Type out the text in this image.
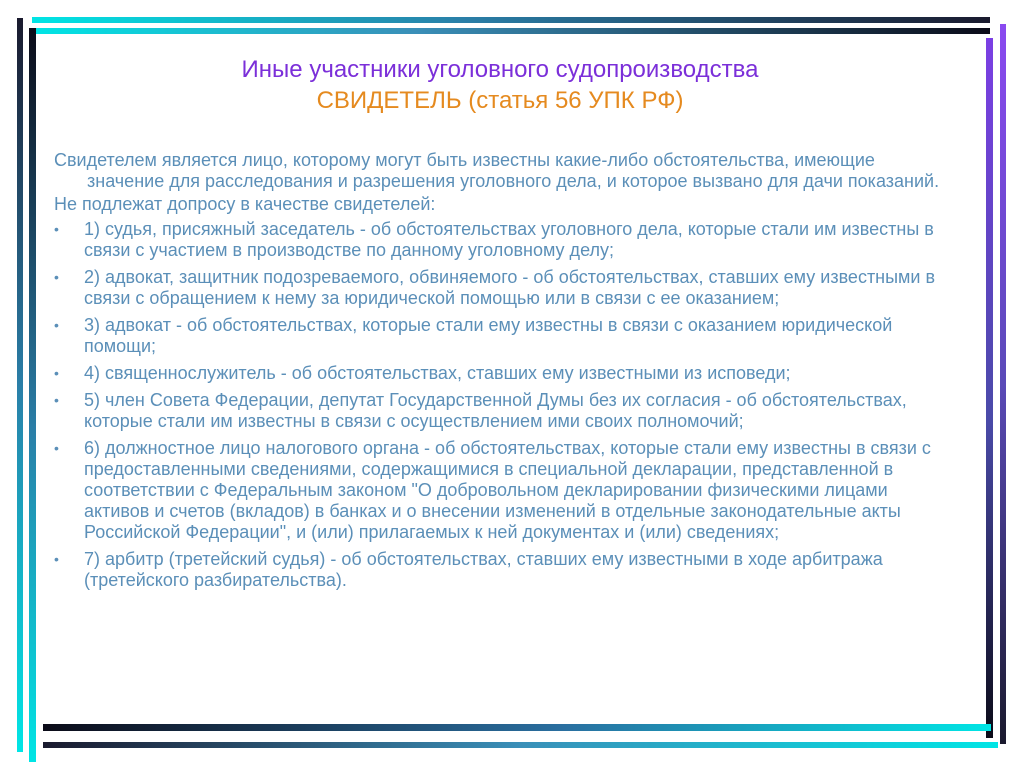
Иные участники уголовного судопроизводства
СВИДЕТЕЛЬ (статья 56 УПК РФ)

Свидетелем является лицо, которому могут быть известны какие-либо обстоятельства, имеющие значение для расследования и разрешения уголовного дела, и которое вызвано для дачи показаний.

Не подлежат допросу в качестве свидетелей:

• 1) судья, присяжный заседатель - об обстоятельствах уголовного дела, которые стали им известны в связи с участием в производстве по данному уголовному делу;
• 2) адвокат, защитник подозреваемого, обвиняемого - об обстоятельствах, ставших ему известными в связи с обращением к нему за юридической помощью или в связи с ее оказанием;
• 3) адвокат - об обстоятельствах, которые стали ему известны в связи с оказанием юридической помощи;
• 4) священнослужитель - об обстоятельствах, ставших ему известными из исповеди;
• 5) член Совета Федерации, депутат Государственной Думы без их согласия - об обстоятельствах, которые стали им известны в связи с осуществлением ими своих полномочий;
• 6) должностное лицо налогового органа - об обстоятельствах, которые стали ему известны в связи с предоставленными сведениями, содержащимися в специальной декларации, представленной в соответствии с Федеральным законом "О добровольном декларировании физическими лицами активов и счетов (вкладов) в банках и о внесении изменений в отдельные законодательные акты Российской Федерации", и (или) прилагаемых к ней документах и (или) сведениях;
• 7) арбитр (третейский судья) - об обстоятельствах, ставших ему известными в ходе арбитража (третейского разбирательства).
